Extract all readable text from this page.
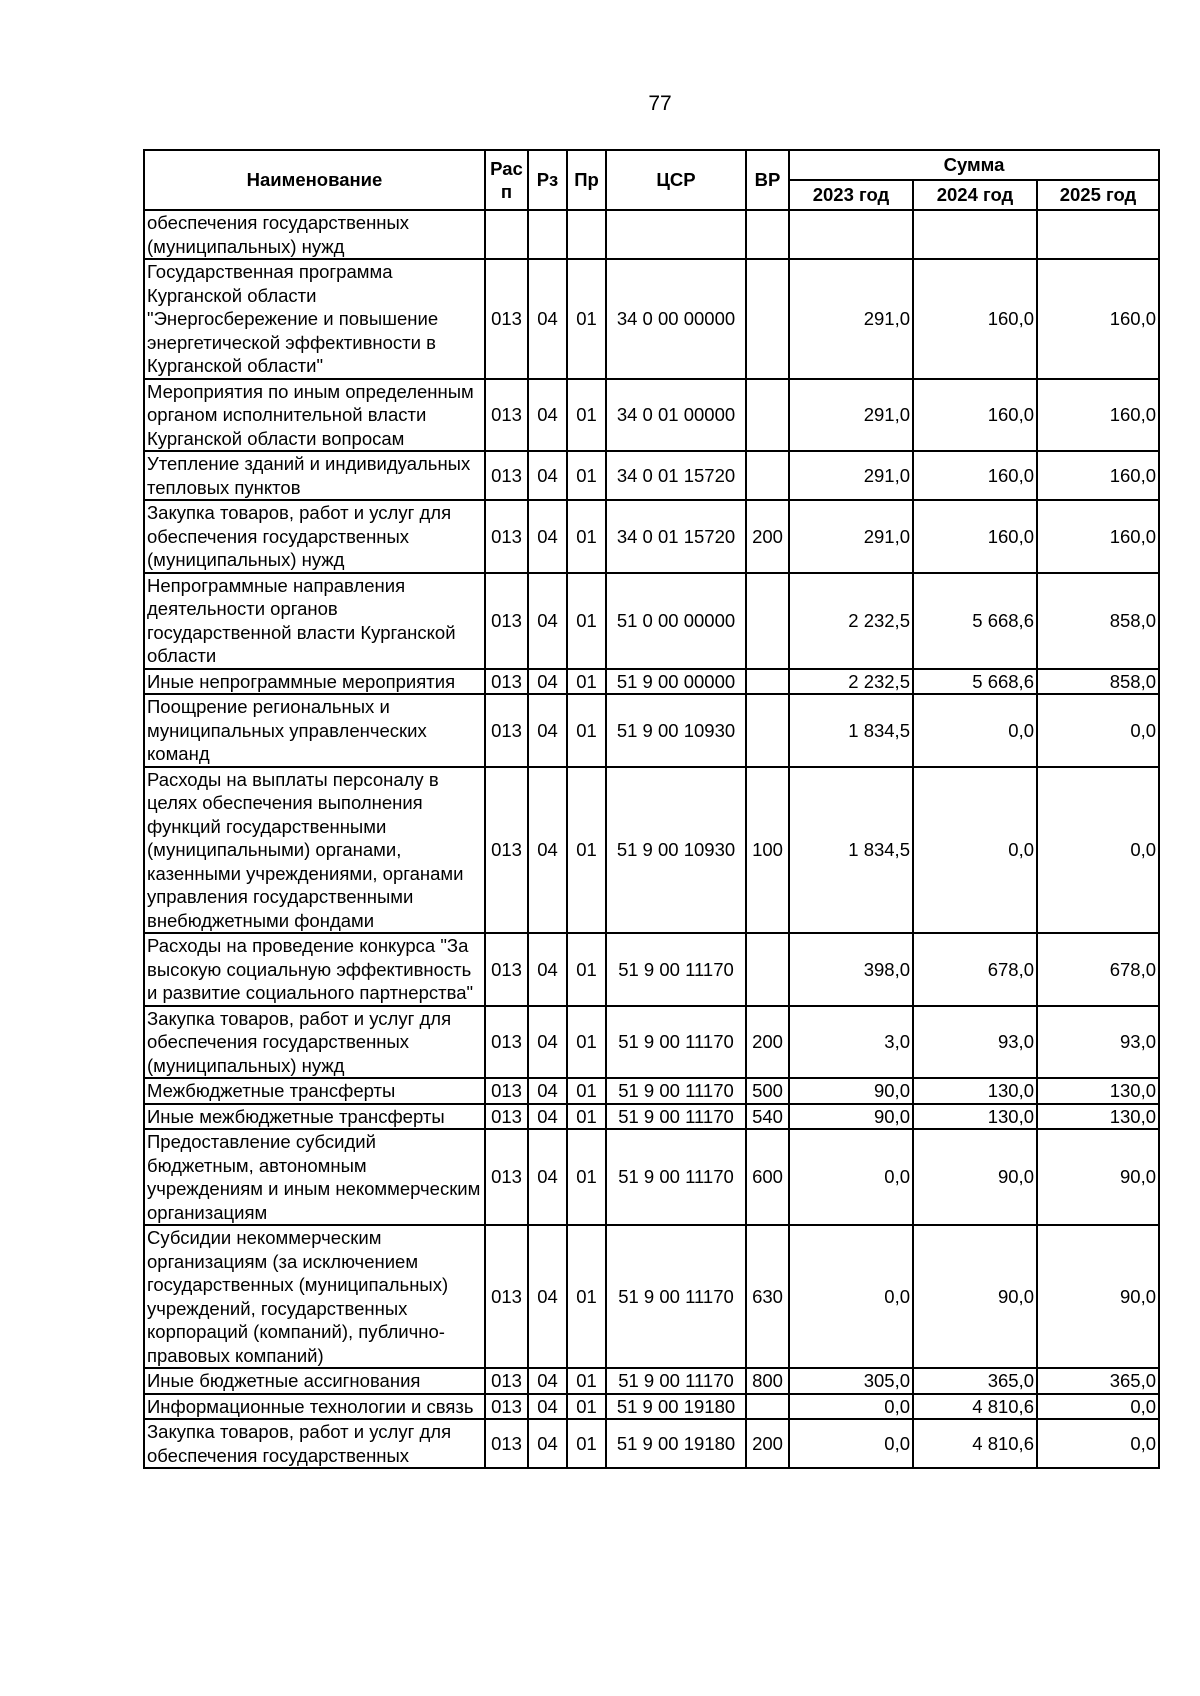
77
Наименование	Рас п	Рз	Пр	ЦСР	ВР	Сумма		
						2023 год	2024 год	2025 год
обеспечения государственных (муниципальных) нужд								
Государственная программа Курганской области "Энергосбережение и повышение энергетической эффективности в Курганской области"	013	04	01	34 0 00 00000		291,0	160,0	160,0
Мероприятия по иным определенным органом исполнительной власти Курганской области вопросам	013	04	01	34 0 01 00000		291,0	160,0	160,0
Утепление зданий и индивидуальных тепловых пунктов	013	04	01	34 0 01 15720		291,0	160,0	160,0
Закупка товаров, работ и услуг для обеспечения государственных (муниципальных) нужд	013	04	01	34 0 01 15720	200	291,0	160,0	160,0
Непрограммные направления деятельности органов государственной власти Курганской области	013	04	01	51 0 00 00000		2 232,5	5 668,6	858,0
Иные непрограммные мероприятия	013	04	01	51 9 00 00000		2 232,5	5 668,6	858,0
Поощрение региональных и муниципальных управленческих команд	013	04	01	51 9 00 10930		1 834,5	0,0	0,0
Расходы на выплаты персоналу в целях обеспечения выполнения функций государственными (муниципальными) органами, казенными учреждениями, органами управления государственными внебюджетными фондами	013	04	01	51 9 00 10930	100	1 834,5	0,0	0,0
Расходы на проведение конкурса "За высокую социальную эффективность и развитие социального партнерства"	013	04	01	51 9 00 11170		398,0	678,0	678,0
Закупка товаров, работ и услуг для обеспечения государственных (муниципальных) нужд	013	04	01	51 9 00 11170	200	3,0	93,0	93,0
Межбюджетные трансферты	013	04	01	51 9 00 11170	500	90,0	130,0	130,0
Иные межбюджетные трансферты	013	04	01	51 9 00 11170	540	90,0	130,0	130,0
Предоставление субсидий бюджетным, автономным учреждениям и иным некоммерческим организациям	013	04	01	51 9 00 11170	600	0,0	90,0	90,0
Субсидии некоммерческим организациям (за исключением государственных (муниципальных) учреждений, государственных корпораций (компаний), публично-правовых компаний)	013	04	01	51 9 00 11170	630	0,0	90,0	90,0
Иные бюджетные ассигнования	013	04	01	51 9 00 11170	800	305,0	365,0	365,0
Информационные технологии и связь	013	04	01	51 9 00 19180		0,0	4 810,6	0,0
Закупка товаров, работ и услуг для обеспечения государственных	013	04	01	51 9 00 19180	200	0,0	4 810,6	0,0
